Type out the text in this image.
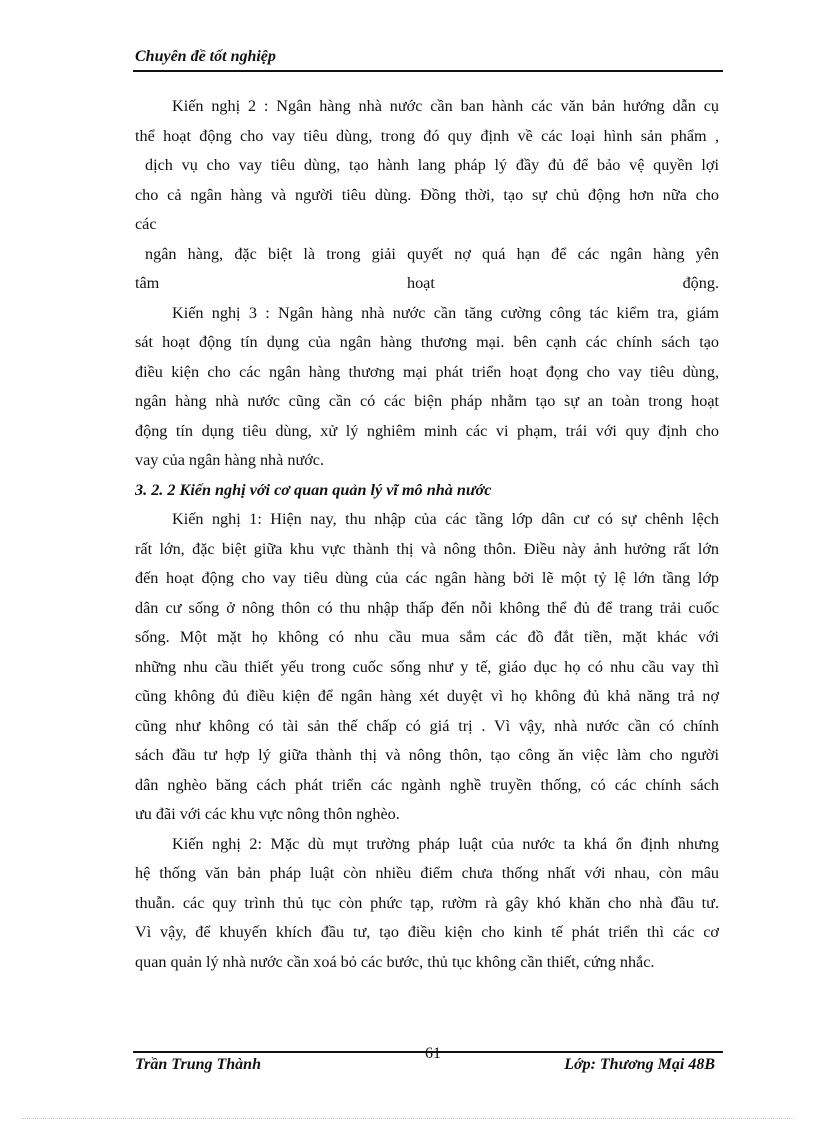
Chuyên đề tốt nghiệp
Kiến nghị 2 : Ngân hàng nhà nước cần ban hành các văn bản hướng dẫn cụ
thể hoạt động cho vay tiêu dùng, trong đó quy định về các loại hình sản phẩm ,
dịch vụ cho vay tiêu dùng, tạo hành lang pháp lý đầy đủ để bảo vệ quyền lợi
cho cả ngân hàng và người tiêu dùng. Đồng thời, tạo sự chủ động hơn nữa cho
các
ngân hàng, đặc biệt là trong giải quyết nợ quá hạn để các ngân hàng yên
tâm hoạt động.
Kiến nghị 3 : Ngân hàng nhà nước cần tăng cường công tác kiểm tra, giám
sát hoạt động tín dụng của ngân hàng thương mại. bên cạnh các chính sách tạo
điều kiện cho các ngân hàng thương mại phát triển hoạt đọng cho vay tiêu dùng,
ngân hàng nhà nước cũng cần có các biện pháp nhằm tạo sự an toàn trong hoạt
động tín dụng tiêu dùng, xử lý nghiêm minh các vi phạm, trái với quy định cho
vay của ngân hàng nhà nước.
3. 2. 2 Kiến nghị với cơ quan quản lý vĩ mô nhà nước
Kiến nghị 1: Hiện nay, thu nhập của các tầng lớp dân cư có sự chênh lệch
rất lớn, đặc biệt giữa khu vực thành thị và nông thôn. Điều này ảnh hưởng rất lớn
đến hoạt động cho vay tiêu dùng của các ngân hàng bởi lẽ một tỷ lệ lớn tầng lớp
dân cư sống ở nông thôn có thu nhập thấp đến nỗi không thể đủ để trang trải cuốc
sống. Một mặt họ không có nhu cầu mua sắm các đồ đắt tiền, mặt khác với
những nhu cầu thiết yếu trong cuốc sống như y tế, giáo dục họ có nhu cầu vay thì
cũng không đủ điều kiện để ngân hàng xét duyệt vì họ không đủ khả năng trả nợ
cũng như không có tài sản thế chấp có giá trị . Vì vậy, nhà nước cần có chính
sách đầu tư hợp lý giữa thành thị và nông thôn, tạo công ăn việc làm cho người
dân nghèo băng cách phát triển các ngành nghề truyền thống, có các chính sách
ưu đãi với các khu vực nông thôn nghèo.
Kiến nghị 2: Mặc dù mụt trường pháp luật của nước ta khá ổn định nhưng
hệ thống văn bản pháp luật còn nhiều điểm chưa thống nhất với nhau, còn mâu
thuẫn. các quy trình thủ tục còn phức tạp, rườm rà gây khó khăn cho nhà đầu tư.
Vì vậy, để khuyến khích đầu tư, tạo điều kiện cho kinh tế phát triển thì các cơ
quan quản lý nhà nước cần xoá bỏ các bước, thủ tục không cần thiết, cứng nhắc.
Trần Trung Thành
61
Lớp: Thương Mại 48B
